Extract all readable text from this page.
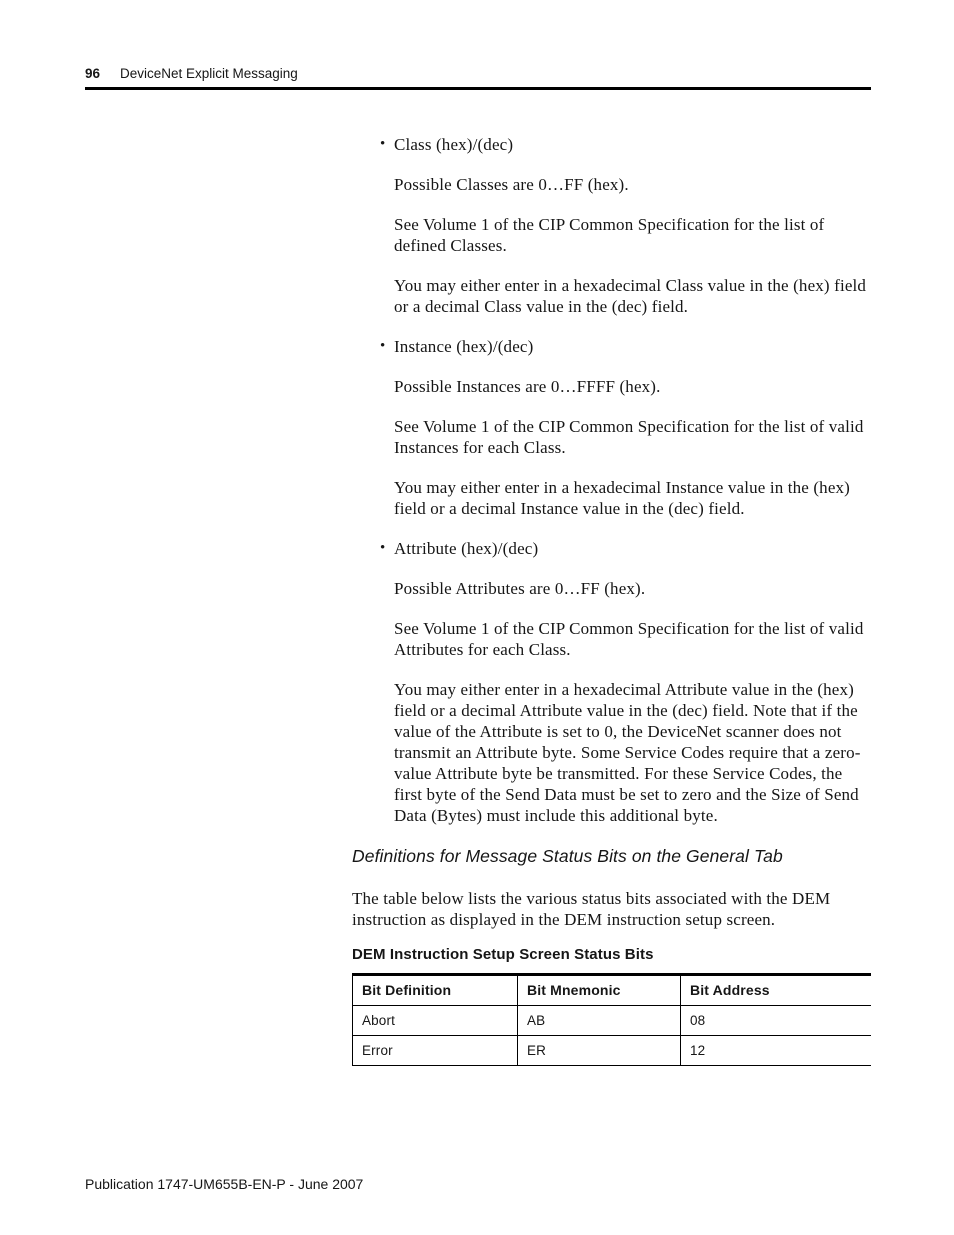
96 DeviceNet Explicit Messaging
• Class (hex)/(dec)

Possible Classes are 0…FF (hex).

See Volume 1 of the CIP Common Specification for the list of defined Classes.

You may either enter in a hexadecimal Class value in the (hex) field or a decimal Class value in the (dec) field.

• Instance (hex)/(dec)

Possible Instances are 0…FFFF (hex).

See Volume 1 of the CIP Common Specification for the list of valid Instances for each Class.

You may either enter in a hexadecimal Instance value in the (hex) field or a decimal Instance value in the (dec) field.

• Attribute (hex)/(dec)

Possible Attributes are 0…FF (hex).

See Volume 1 of the CIP Common Specification for the list of valid Attributes for each Class.

You may either enter in a hexadecimal Attribute value in the (hex) field or a decimal Attribute value in the (dec) field. Note that if the value of the Attribute is set to 0, the DeviceNet scanner does not transmit an Attribute byte. Some Service Codes require that a zero-value Attribute byte be transmitted. For these Service Codes, the first byte of the Send Data must be set to zero and the Size of Send Data (Bytes) must include this additional byte.

Definitions for Message Status Bits on the General Tab

The table below lists the various status bits associated with the DEM instruction as displayed in the DEM instruction setup screen.

DEM Instruction Setup Screen Status Bits
Bit Definition	Bit Mnemonic	Bit Address
Abort	AB	08
Error	ER	12
Publication 1747-UM655B-EN-P - June 2007
